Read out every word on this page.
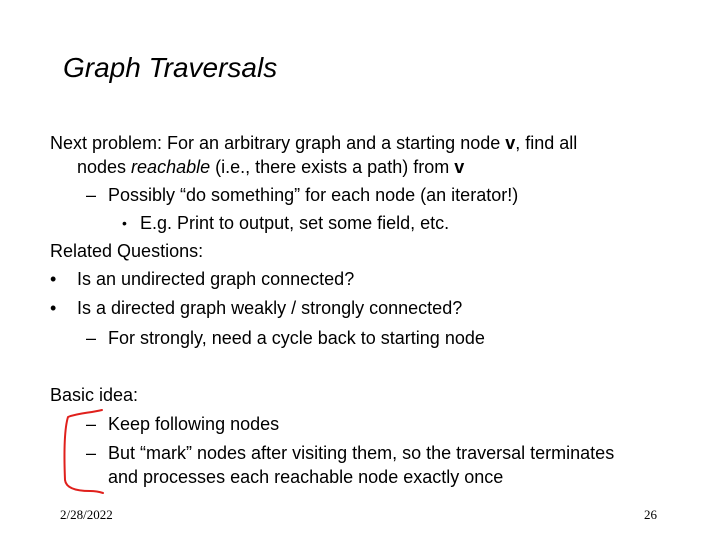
Graph Traversals
Next problem: For an arbitrary graph and a starting node v, find all
nodes reachable (i.e., there exists a path) from v
– Possibly “do something” for each node (an iterator!)
• E.g. Print to output, set some field, etc.
Related Questions:
• Is an undirected graph connected?
• Is a directed graph weakly / strongly connected?
– For strongly, need a cycle back to starting node
Basic idea:
– Keep following nodes
– But “mark” nodes after visiting them, so the traversal terminates
and processes each reachable node exactly once
2/28/2022	26
